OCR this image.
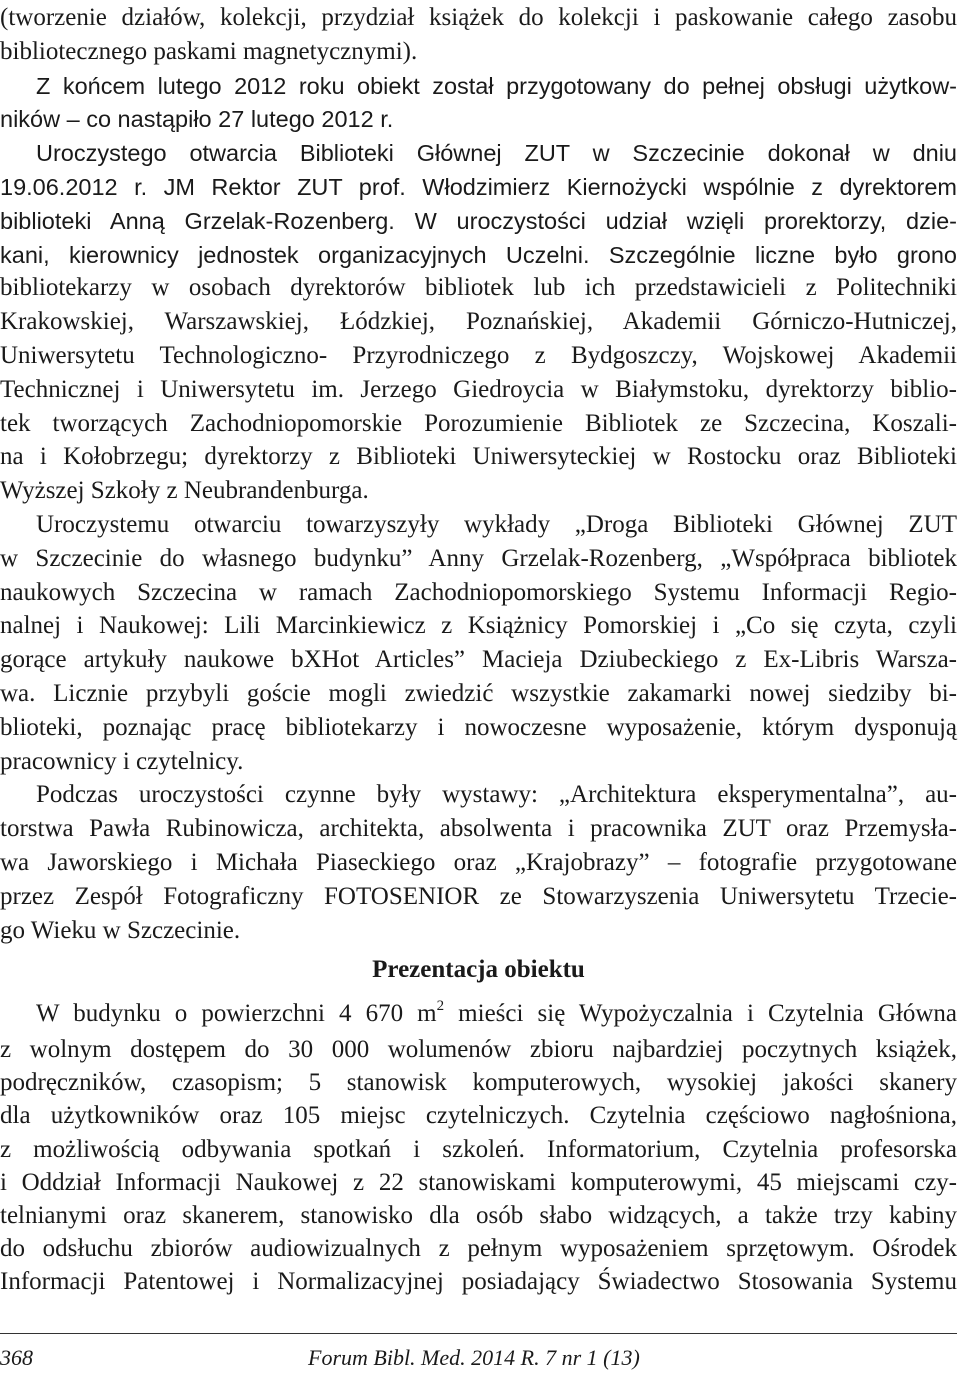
(tworzenie działów, kolekcji, przydział książek do kolekcji i paskowanie całego zasobu
bibliotecznego paskami magnetycznymi).
Z końcem lutego 2012 roku obiekt został przygotowany do pełnej obsługi użytkow-
ników – co nastąpiło 27 lutego 2012 r.
Uroczystego otwarcia Biblioteki Głównej ZUT w Szczecinie dokonał w dniu
19.06.2012 r. JM Rektor ZUT prof. Włodzimierz Kiernożycki wspólnie z dyrektorem
biblioteki Anną Grzelak-Rozenberg. W uroczystości udział wzięli prorektorzy, dzie-
kani, kierownicy jednostek organizacyjnych Uczelni. Szczególnie liczne było grono
bibliotekarzy w osobach dyrektorów bibliotek lub ich przedstawicieli z Politechniki
Krakowskiej, Warszawskiej, Łódzkiej, Poznańskiej, Akademii Górniczo-Hutniczej,
Uniwersytetu Technologiczno- Przyrodniczego z Bydgoszczy, Wojskowej Akademii
Technicznej i Uniwersytetu im. Jerzego Giedroycia w Białymstoku, dyrektorzy biblio-
tek tworzących Zachodniopomorskie Porozumienie Bibliotek ze Szczecina, Koszali-
na i Kołobrzegu; dyrektorzy z Biblioteki Uniwersyteckiej w Rostocku oraz Biblioteki
Wyższej Szkoły z Neubrandenburga.
Uroczystemu otwarciu towarzyszyły wykłady „Droga Biblioteki Głównej ZUT
w Szczecinie do własnego budynku” Anny Grzelak-Rozenberg, „Współpraca bibliotek
naukowych Szczecina w ramach Zachodniopomorskiego Systemu Informacji Regio-
nalnej i Naukowej: Lili Marcinkiewicz z Książnicy Pomorskiej i „Co się czyta, czyli
gorące artykuły naukowe bXHot Articles” Macieja Dziubeckiego z Ex-Libris Warsza-
wa. Licznie przybyli goście mogli zwiedzić wszystkie zakamarki nowej siedziby bi-
blioteki, poznając pracę bibliotekarzy i nowoczesne wyposażenie, którym dysponują
pracownicy i czytelnicy.
Podczas uroczystości czynne były wystawy: „Architektura eksperymentalna”, au-
torstwa Pawła Rubinowicza, architekta, absolwenta i pracownika ZUT oraz Przemysła-
wa Jaworskiego i Michała Piaseckiego oraz „Krajobrazy” – fotografie przygotowane
przez Zespół Fotograficzny FOTOSENIOR ze Stowarzyszenia Uniwersytetu Trzecie-
go Wieku w Szczecinie.
Prezentacja obiektu
W budynku o powierzchni 4 670 $m^2$ mieści się Wypożyczalnia i Czytelnia Główna
z wolnym dostępem do 30 000 wolumenów zbioru najbardziej poczytnych książek,
podręczników, czasopism; 5 stanowisk komputerowych, wysokiej jakości skanery
dla użytkowników oraz 105 miejsc czytelniczych. Czytelnia częściowo nagłośniona,
z możliwością odbywania spotkań i szkoleń. Informatorium, Czytelnia profesorska
i Oddział Informacji Naukowej z 22 stanowiskami komputerowymi, 45 miejscami czy-
telnianymi oraz skanerem, stanowisko dla osób słabo widzących, a także trzy kabiny
do odsłuchu zbiorów audiowizualnych z pełnym wyposażeniem sprzętowym. Ośrodek
Informacji Patentowej i Normalizacyjnej posiadający Świadectwo Stosowania Systemu
368	Forum Bibl. Med. 2014 R. 7 nr 1 (13)
